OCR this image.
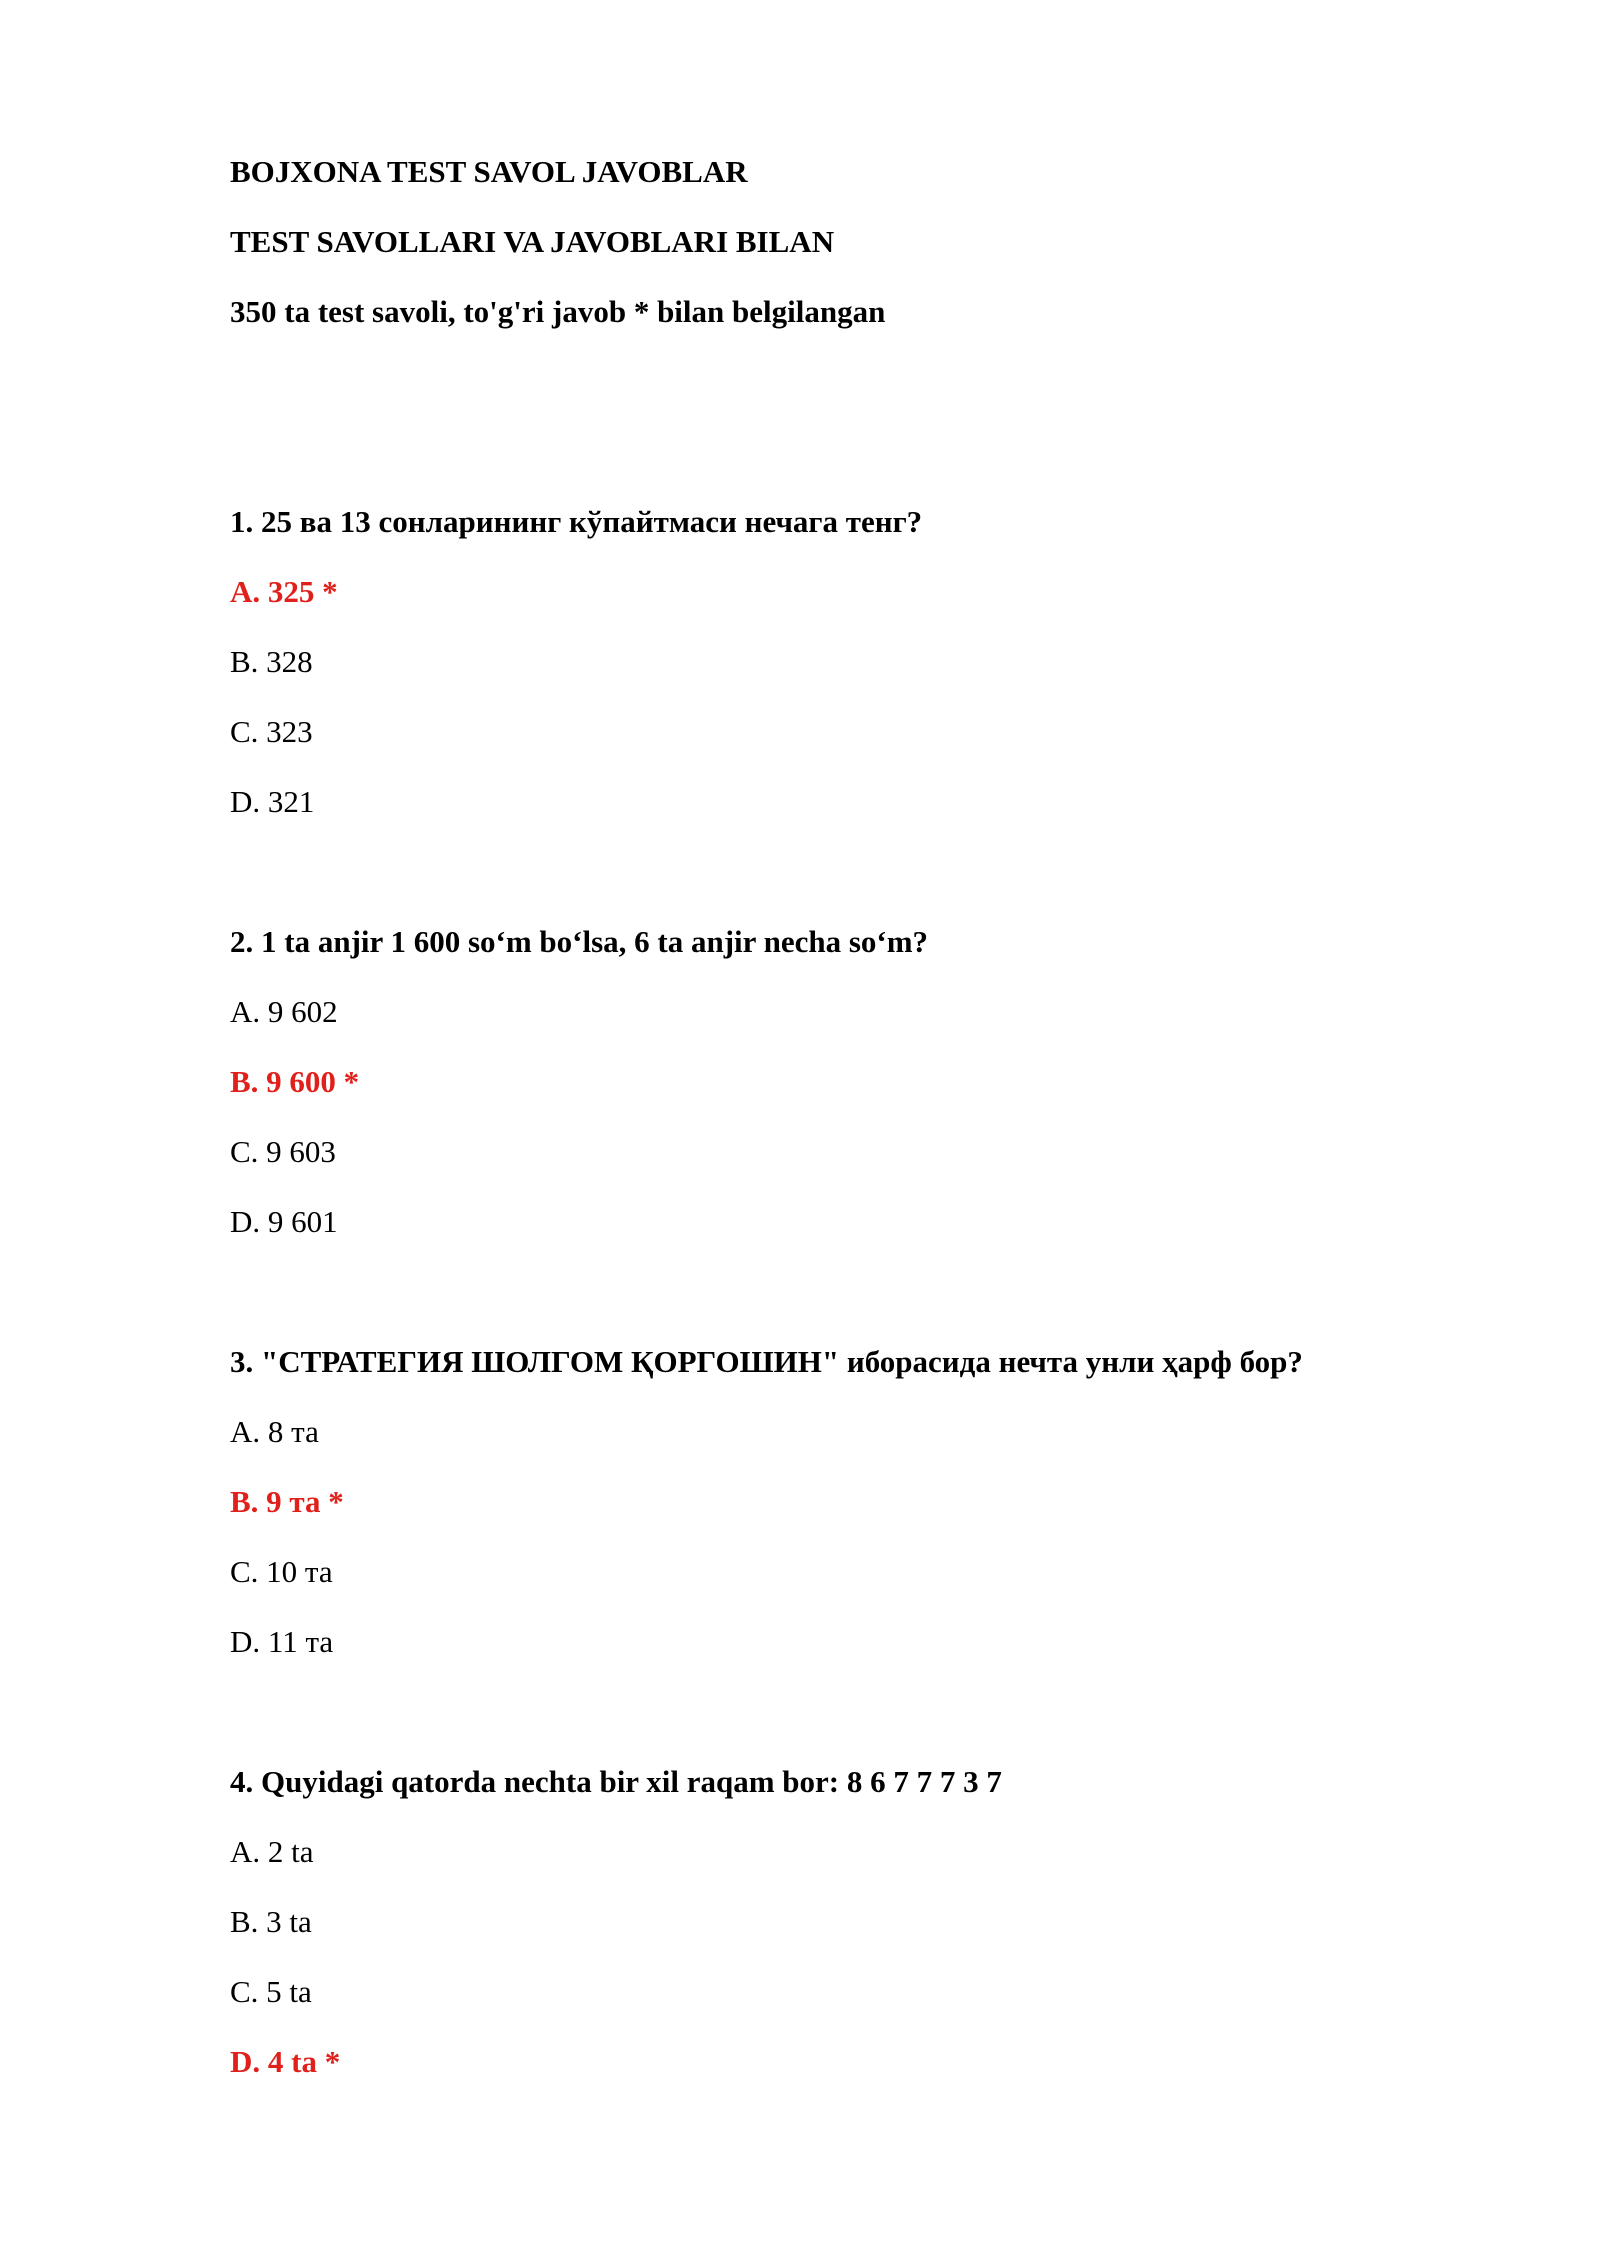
BOJXONA TEST SAVOL JAVOBLAR
TEST SAVOLLARI VA JAVOBLARI BILAN
350 ta test savoli, to'g'ri javob * bilan belgilangan
1. 25 ва 13 сонларининг кўпайтмаси нечага тенг?
A. 325 *
B. 328
C. 323
D. 321
2. 1 ta anjir 1 600 so‘m bo‘lsa, 6 ta anjir necha so‘m?
A. 9 602
B. 9 600 *
C. 9 603
D. 9 601
3. "СТРАТЕГИЯ ШОЛГОМ ҚОРГОШИН" иборасида нечта унли ҳарф бор?
A. 8 та
B. 9 та *
C. 10 та
D. 11 та
4. Quyidagi qatorda nechta bir xil raqam bor: 8 6 7 7 7 3 7
A. 2 ta
B. 3 ta
C. 5 ta
D. 4 ta *
